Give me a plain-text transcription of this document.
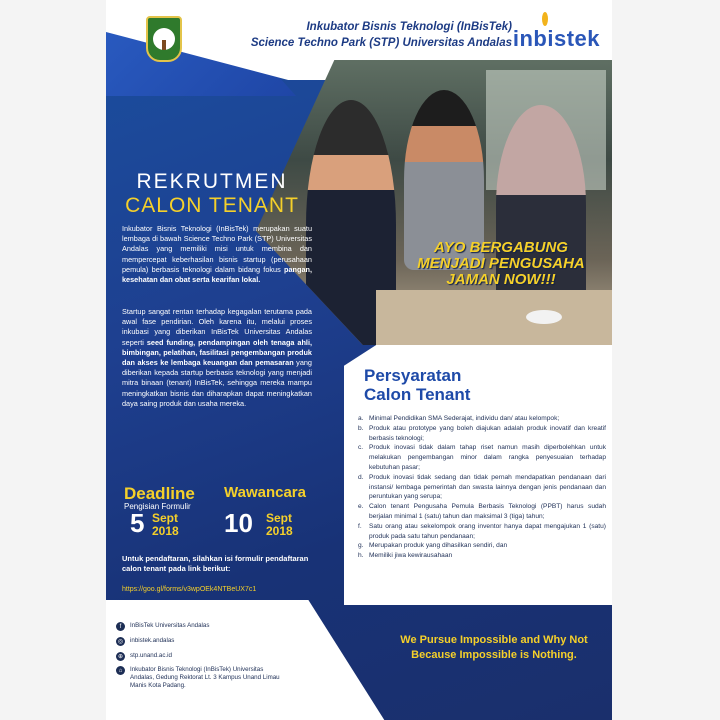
Inkubator Bisnis Teknologi (InBisTek)
Science Techno Park (STP) Universitas Andalas inbistek
AYO BERGABUNG
MENJADI PENGUSAHA
JAMAN NOW!!!
REKRUTMEN
CALON TENANT
Inkubator Bisnis Teknologi (InBisTek) merupakan suatu lembaga di bawah Science Techno Park (STP) Universitas Andalas yang memiliki misi untuk membina dan mempercepat keberhasilan bisnis startup (perusahaan pemula) berbasis teknologi dalam bidang fokus pangan, kesehatan dan obat serta kearifan lokal.
Startup sangat rentan terhadap kegagalan terutama pada awal fase pendirian. Oleh karena itu, melalui proses inkubasi yang diberikan InBisTek Universitas Andalas seperti seed funding, pendampingan oleh tenaga ahli, bimbingan, pelatihan, fasilitasi pengembangan produk dan akses ke lembaga keuangan dan pemasaran yang diberikan kepada startup berbasis teknologi yang menjadi mitra binaan (tenant) InBisTek, sehingga mereka mampu meningkatkan bisnis dan diharapkan dapat meningkatkan daya saing produk dan usaha mereka.
Deadline
Pengisian Formulir
5 Sept
2018
Wawancara
10 Sept
2018
Untuk pendaftaran, silahkan isi formulir pendaftaran calon tenant pada link berikut:
https://goo.gl/forms/v3wpOEk4NTBeUX7c1
f	InBisTek Universitas Andalas
◎	inbistek.andalas
⊕	stp.unand.ac.id
⌂	Inkubator Bisnis Teknologi (InBisTek) Universitas Andalas, Gedung Rektorat Lt. 3 Kampus Unand Limau Manis Kota Padang.
Persyaratan
Calon Tenant
a. Minimal Pendidikan SMA Sederajat, individu dan/ atau kelompok;
b. Produk atau prototype yang boleh diajukan adalah produk inovatif dan kreatif berbasis teknologi;
c. Produk inovasi tidak dalam tahap riset namun masih diperbolehkan untuk melakukan pengembangan minor dalam rangka penyesuaian terhadap kebutuhan pasar;
d. Produk inovasi tidak sedang dan tidak pernah mendapatkan pendanaan dari instansi/ lembaga pemerintah dan swasta lainnya dengan jenis pendanaan dan peruntukan yang serupa;
e. Calon tenant Pengusaha Pemula Berbasis Teknologi (PPBT) harus sudah berjalan minimal 1 (satu) tahun dan maksimal 3 (tiga) tahun;
f.	Satu orang atau sekelompok orang inventor hanya dapat mengajukan 1 (satu) produk pada satu tahun pendanaan;
g. Merupakan produk yang dihasilkan sendiri, dan
h. Memiliki jiwa kewirausahaan
We Pursue Impossible and Why Not
Because Impossible is Nothing.
